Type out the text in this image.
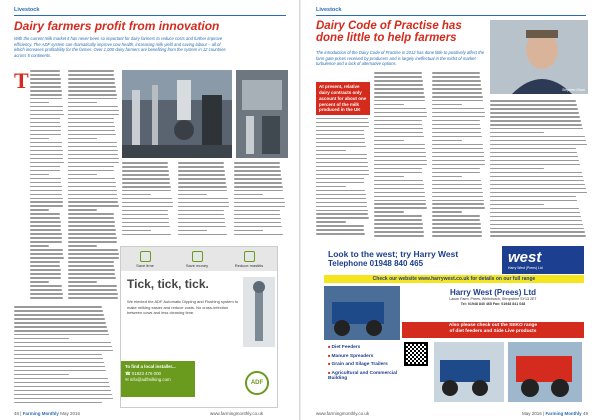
Livestock
Dairy farmers profit from innovation
With the current milk market it has never been so important for dairy farmers to reduce costs and further improve efficiency. The ADF system can dramatically improve cow health, increasing milk yield and saving labour – all of which increases profitability for the farmer. Over 1,000 dairy farmers are benefiting from the system in 12 countries across 5 continents.
T
Save time	Save money	Reduce mastitis
Tick, tick, tick.
We elected the ADF Automatic Dipping and Flushing system to make milking easier and reduce costs. No cross-infection between cows and less cleaning time.
To find a local installer...
☎ 01823 476 000
✉ info@adfmilking.com
ADF
48 | Farming Monthly May 2016	www.farmingmonthly.co.uk
Livestock
Dairy Code of Practise has done little to help farmers
The introduction of the Dairy Code of Practise in 2012 has done little to positively affect the farm gate prices received by producers and is largely ineffectual in the midst of market turbulence and a lack of alternative options.
Stephen Dean
At present, relative dairy contracts only account for about one percent of the milk produced in the UK
Look to the west; try Harry West
Telephone 01948 840 465	west
Harry West (Prees) Ltd
Check our website www.harrywest.co.uk for details on our full range
Harry West (Prees) Ltd
Lacon Farm, Prees, Whitchurch, Shropshire SY13 2ET
Tel: 01948 840 465 Fax: 01948 841 048
Also please check out the SEKO range
of diet feeders and Side Live products
■ Diet Feeders
■ Manure Spreaders
■ Grain and Silage Trailers
■ Agricultural and Commercial Building
www.farmingmonthly.co.uk	May 2016 | Farming Monthly 49
